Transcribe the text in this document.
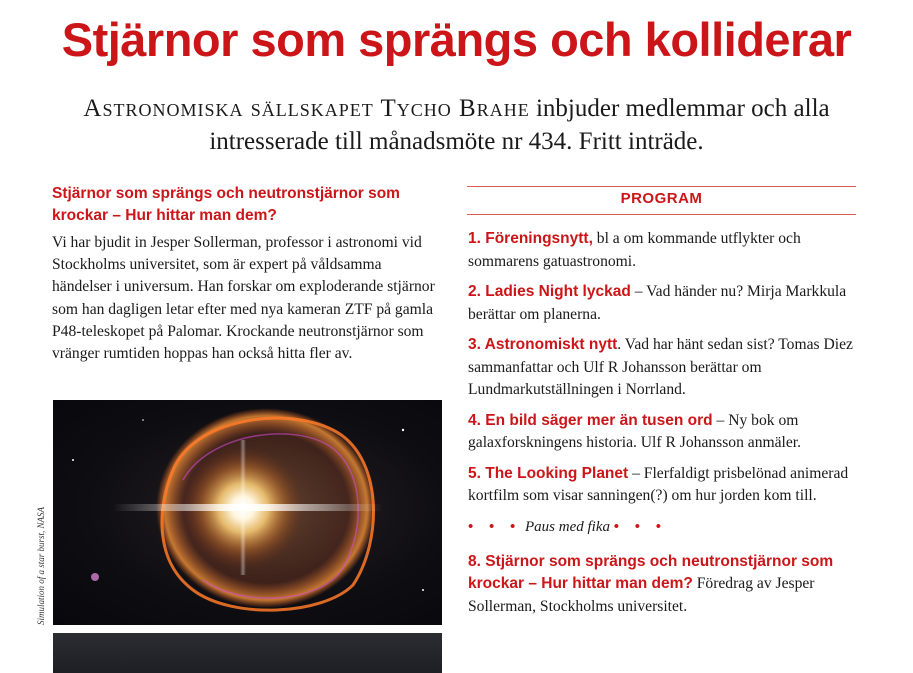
Stjärnor som sprängs och kolliderar

Astronomiska sällskapet Tycho Brahe inbjuder medlemmar och alla intresserade till månadsmöte nr 434. Fritt inträde.

Stjärnor som sprängs och neutronstjärnor som krockar – Hur hittar man dem?

Vi har bjudit in Jesper Sollerman, professor i astronomi vid Stockholms universitet, som är expert på våldsamma händelser i universum. Han forskar om exploderande stjärnor som han dagligen letar efter med nya kameran ZTF på gamla P48-teleskopet på Palomar. Krockande neutronstjärnor som vränger rumtiden hoppas han också hitta fler av.

Simulation of a star burst, NASA
PROGRAM

1. Föreningsnytt, bl a om kommande utflykter och sommarens gatuastronomi.

2. Ladies Night lyckad – Vad händer nu? Mirja Markkula berättar om planerna.

3. Astronomiskt nytt. Vad har hänt sedan sist? Tomas Diez sammanfattar och Ulf R Johansson berättar om Lundmarkutställningen i Norrland.

4. En bild säger mer än tusen ord – Ny bok om galaxforskningens historia. Ulf R Johansson anmäler.

5. The Looking Planet – Flerfaldigt prisbelönad animerad kortfilm som visar sanningen(?) om hur jorden kom till.

• • • Paus med fika • • •

8. Stjärnor som sprängs och neutronstjärnor som krockar – Hur hittar man dem? Föredrag av Jesper Sollerman, Stockholms universitet.
